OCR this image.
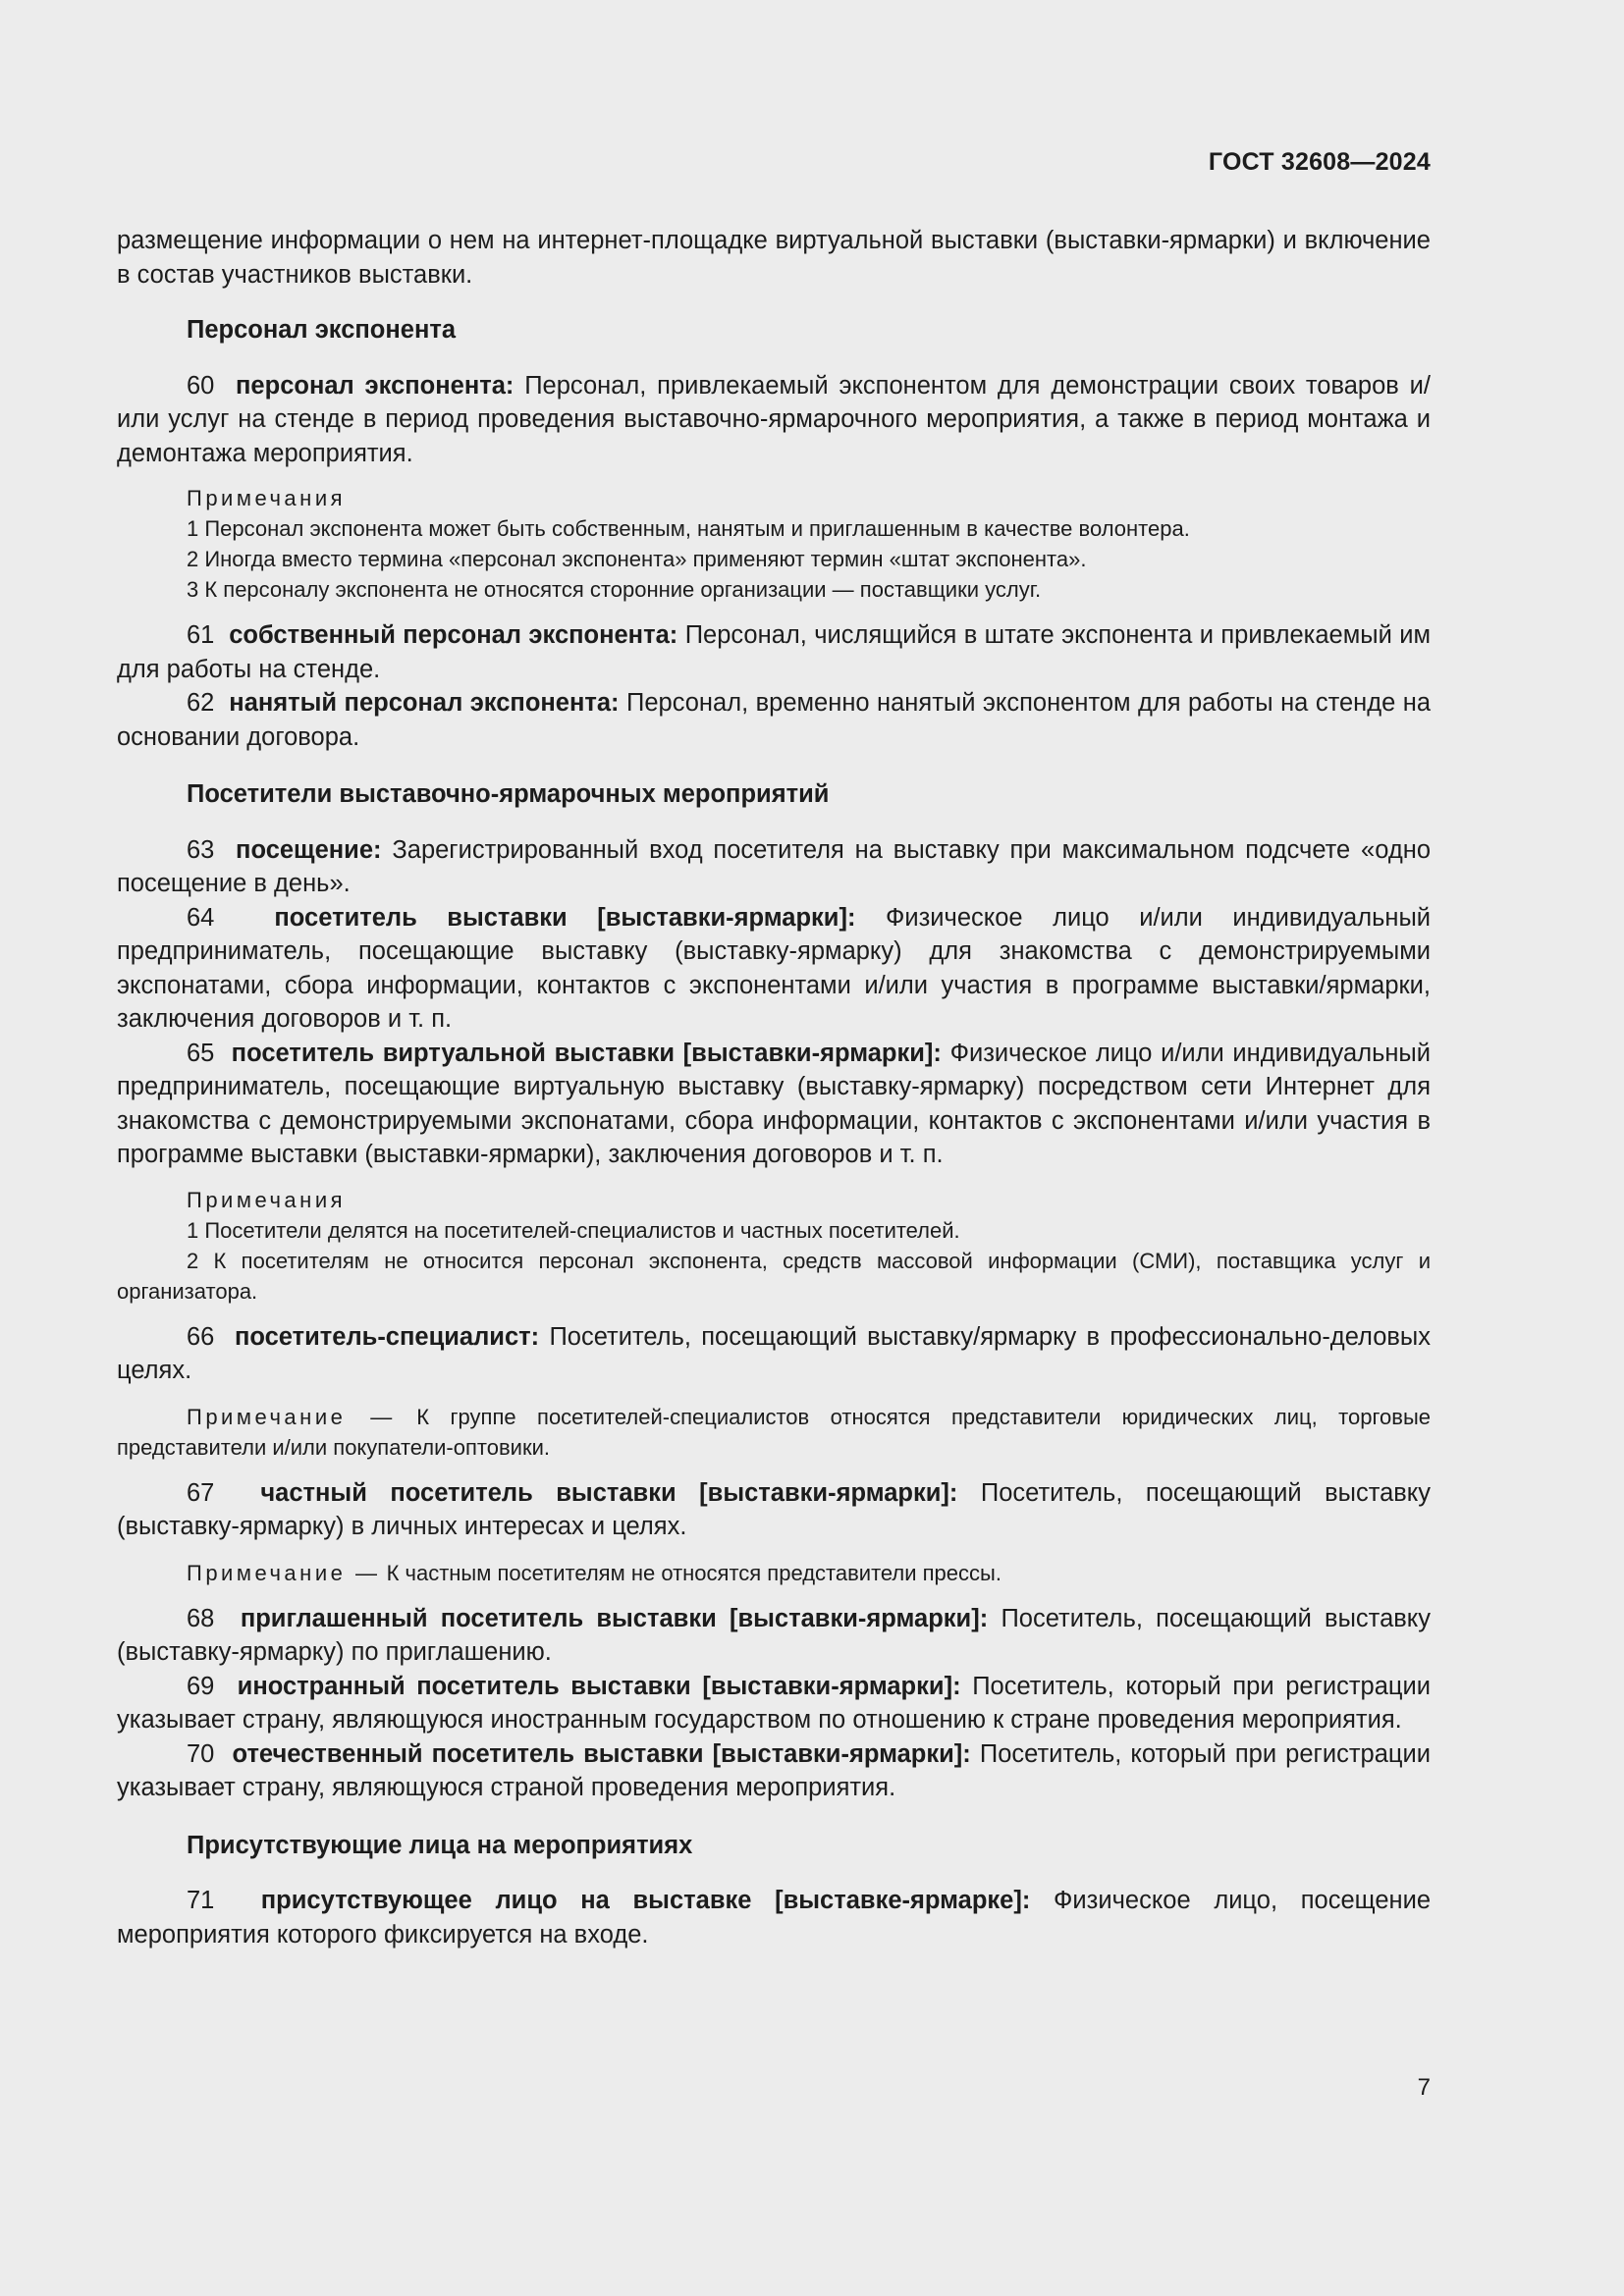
ГОСТ 32608—2024

размещение информации о нем на интернет-площадке виртуальной выставки (выставки-ярмарки) и включение в состав участников выставки.

Персонал экспонента

60 персонал экспонента: Персонал, привлекаемый экспонентом для демонстрации своих товаров и/или услуг на стенде в период проведения выставочно-ярмарочного мероприятия, а также в период монтажа и демонтажа мероприятия.

Примечания
1 Персонал экспонента может быть собственным, нанятым и приглашенным в качестве волонтера.
2 Иногда вместо термина «персонал экспонента» применяют термин «штат экспонента».
3 К персоналу экспонента не относятся сторонние организации — поставщики услуг.

61 собственный персонал экспонента: Персонал, числящийся в штате экспонента и привлекаемый им для работы на стенде.

62 нанятый персонал экспонента: Персонал, временно нанятый экспонентом для работы на стенде на основании договора.

Посетители выставочно-ярмарочных мероприятий

63 посещение: Зарегистрированный вход посетителя на выставку при максимальном подсчете «одно посещение в день».

64 посетитель выставки [выставки-ярмарки]: Физическое лицо и/или индивидуальный предприниматель, посещающие выставку (выставку-ярмарку) для знакомства с демонстрируемыми экспонатами, сбора информации, контактов с экспонентами и/или участия в программе выставки/ярмарки, заключения договоров и т. п.

65 посетитель виртуальной выставки [выставки-ярмарки]: Физическое лицо и/или индивидуальный предприниматель, посещающие виртуальную выставку (выставку-ярмарку) посредством сети Интернет для знакомства с демонстрируемыми экспонатами, сбора информации, контактов с экспонентами и/или участия в программе выставки (выставки-ярмарки), заключения договоров и т. п.

Примечания
1 Посетители делятся на посетителей-специалистов и частных посетителей.
2 К посетителям не относится персонал экспонента, средств массовой информации (СМИ), поставщика услуг и организатора.

66 посетитель-специалист: Посетитель, посещающий выставку/ярмарку в профессионально-деловых целях.

Примечание — К группе посетителей-специалистов относятся представители юридических лиц, торговые представители и/или покупатели-оптовики.

67 частный посетитель выставки [выставки-ярмарки]: Посетитель, посещающий выставку (выставку-ярмарку) в личных интересах и целях.

Примечание — К частным посетителям не относятся представители прессы.

68 приглашенный посетитель выставки [выставки-ярмарки]: Посетитель, посещающий выставку (выставку-ярмарку) по приглашению.

69 иностранный посетитель выставки [выставки-ярмарки]: Посетитель, который при регистрации указывает страну, являющуюся иностранным государством по отношению к стране проведения мероприятия.

70 отечественный посетитель выставки [выставки-ярмарки]: Посетитель, который при регистрации указывает страну, являющуюся страной проведения мероприятия.

Присутствующие лица на мероприятиях

71 присутствующее лицо на выставке [выставке-ярмарке]: Физическое лицо, посещение мероприятия которого фиксируется на входе.

7
